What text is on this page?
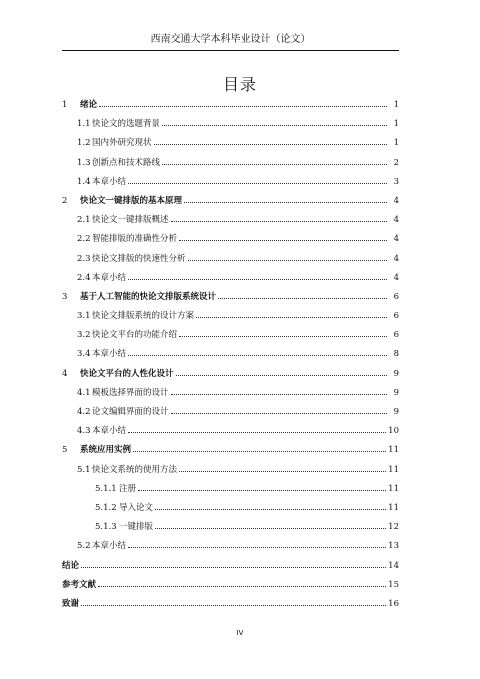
西南交通大学本科毕业设计（论文）
目录
1	绪论	1
1.1 快论文的选题背景	1
1.2 国内外研究现状	1
1.3 创新点和技术路线	2
1.4 本章小结	3
2	快论文一键排版的基本原理	4
2.1 快论文一键排版概述	4
2.2 智能排版的准确性分析	4
2.3 快论文排版的快速性分析	4
2.4 本章小结	4
3	基于人工智能的快论文排版系统设计	6
3.1 快论文排版系统的设计方案	6
3.2 快论文平台的功能介绍	6
3.4 本章小结	8
4	快论文平台的人性化设计	9
4.1 模板选择界面的设计	9
4.2 论文编辑界面的设计	9
4.3 本章小结	10
5	系统应用实例	11
5.1 快论文系统的使用方法	11
5.1.1 注册	11
5.1.2 导入论文	11
5.1.3 一键排版	12
5.2 本章小结	13
结论	14
参考文献	15
致谢	16
IV
